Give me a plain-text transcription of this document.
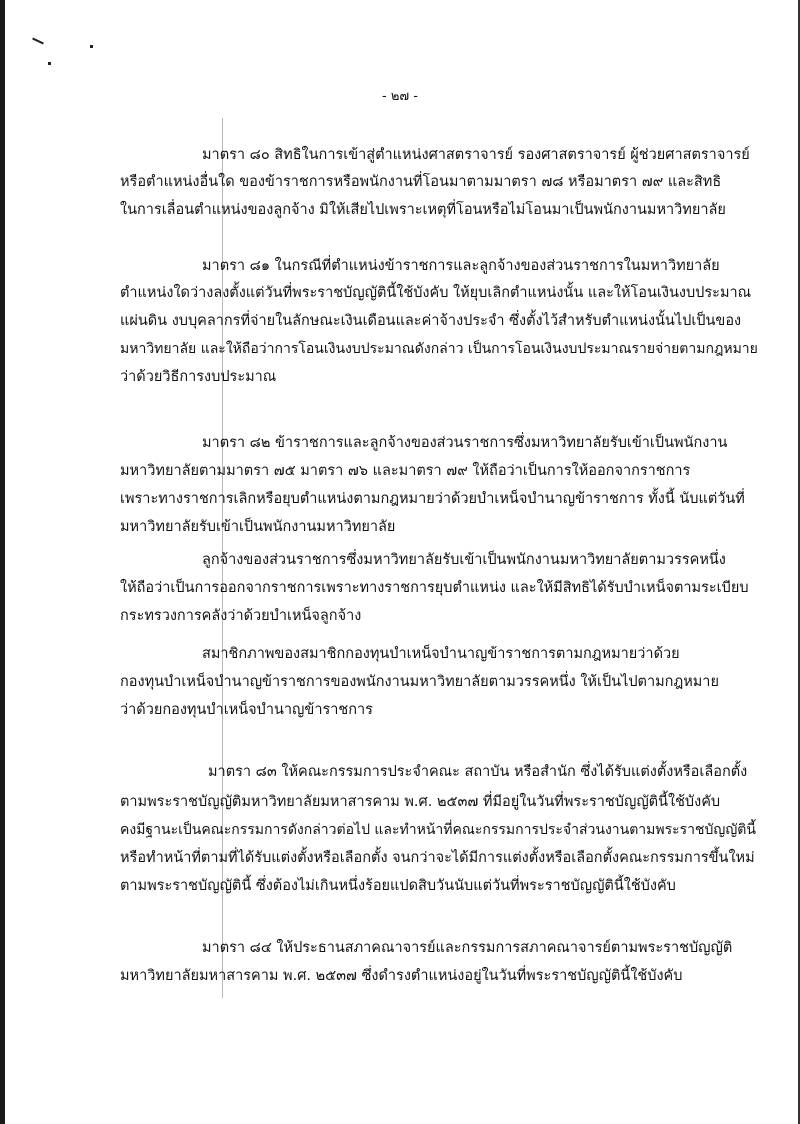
- ๒๗ -
มาตรา ๘๐ สิทธิในการเข้าสู่ตำแหน่งศาสตราจารย์ รองศาสตราจารย์ ผู้ช่วยศาสตราจารย์
หรือตำแหน่งอื่นใด ของข้าราชการหรือพนักงานที่โอนมาตามมาตรา ๗๘ หรือมาตรา ๗๙ และสิทธิ
ในการเลื่อนตำแหน่งของลูกจ้าง มิให้เสียไปเพราะเหตุที่โอนหรือไม่โอนมาเป็นพนักงานมหาวิทยาลัย
มาตรา ๘๑ ในกรณีที่ตำแหน่งข้าราชการและลูกจ้างของส่วนราชการในมหาวิทยาลัย
ตำแหน่งใดว่างลงตั้งแต่วันที่พระราชบัญญัตินี้ใช้บังคับ ให้ยุบเลิกตำแหน่งนั้น และให้โอนเงินงบประมาณ
แผ่นดิน งบบุคลากรที่จ่ายในลักษณะเงินเดือนและค่าจ้างประจำ ซึ่งตั้งไว้สำหรับตำแหน่งนั้นไปเป็นของ
มหาวิทยาลัย และให้ถือว่าการโอนเงินงบประมาณดังกล่าว เป็นการโอนเงินงบประมาณรายจ่ายตามกฎหมาย
ว่าด้วยวิธีการงบประมาณ
มาตรา ๘๒ ข้าราชการและลูกจ้างของส่วนราชการซึ่งมหาวิทยาลัยรับเข้าเป็นพนักงาน
มหาวิทยาลัยตามมาตรา ๗๕ มาตรา ๗๖ และมาตรา ๗๙ ให้ถือว่าเป็นการให้ออกจากราชการ
เพราะทางราชการเลิกหรือยุบตำแหน่งตามกฎหมายว่าด้วยบำเหน็จบำนาญข้าราชการ ทั้งนี้ นับแต่วันที่
มหาวิทยาลัยรับเข้าเป็นพนักงานมหาวิทยาลัย
ลูกจ้างของส่วนราชการซึ่งมหาวิทยาลัยรับเข้าเป็นพนักงานมหาวิทยาลัยตามวรรคหนึ่ง
ให้ถือว่าเป็นการออกจากราชการเพราะทางราชการยุบตำแหน่ง และให้มีสิทธิได้รับบำเหน็จตามระเบียบ
กระทรวงการคลังว่าด้วยบำเหน็จลูกจ้าง
สมาชิกภาพของสมาชิกกองทุนบำเหน็จบำนาญข้าราชการตามกฎหมายว่าด้วย
กองทุนบำเหน็จบำนาญข้าราชการของพนักงานมหาวิทยาลัยตามวรรคหนึ่ง ให้เป็นไปตามกฎหมาย
ว่าด้วยกองทุนบำเหน็จบำนาญข้าราชการ
มาตรา ๘๓ ให้คณะกรรมการประจำคณะ สถาบัน หรือสำนัก ซึ่งได้รับแต่งตั้งหรือเลือกตั้ง
ตามพระราชบัญญัติมหาวิทยาลัยมหาสารคาม พ.ศ. ๒๕๓๗ ที่มีอยู่ในวันที่พระราชบัญญัตินี้ใช้บังคับ
คงมีฐานะเป็นคณะกรรมการดังกล่าวต่อไป และทำหน้าที่คณะกรรมการประจำส่วนงานตามพระราชบัญญัตินี้
หรือทำหน้าที่ตามที่ได้รับแต่งตั้งหรือเลือกตั้ง จนกว่าจะได้มีการแต่งตั้งหรือเลือกตั้งคณะกรรมการขึ้นใหม่
ตามพระราชบัญญัตินี้ ซึ่งต้องไม่เกินหนึ่งร้อยแปดสิบวันนับแต่วันที่พระราชบัญญัตินี้ใช้บังคับ
มาตรา ๘๔ ให้ประธานสภาคณาจารย์และกรรมการสภาคณาจารย์ตามพระราชบัญญัติ
มหาวิทยาลัยมหาสารคาม พ.ศ. ๒๕๓๗ ซึ่งดำรงตำแหน่งอยู่ในวันที่พระราชบัญญัตินี้ใช้บังคับ
